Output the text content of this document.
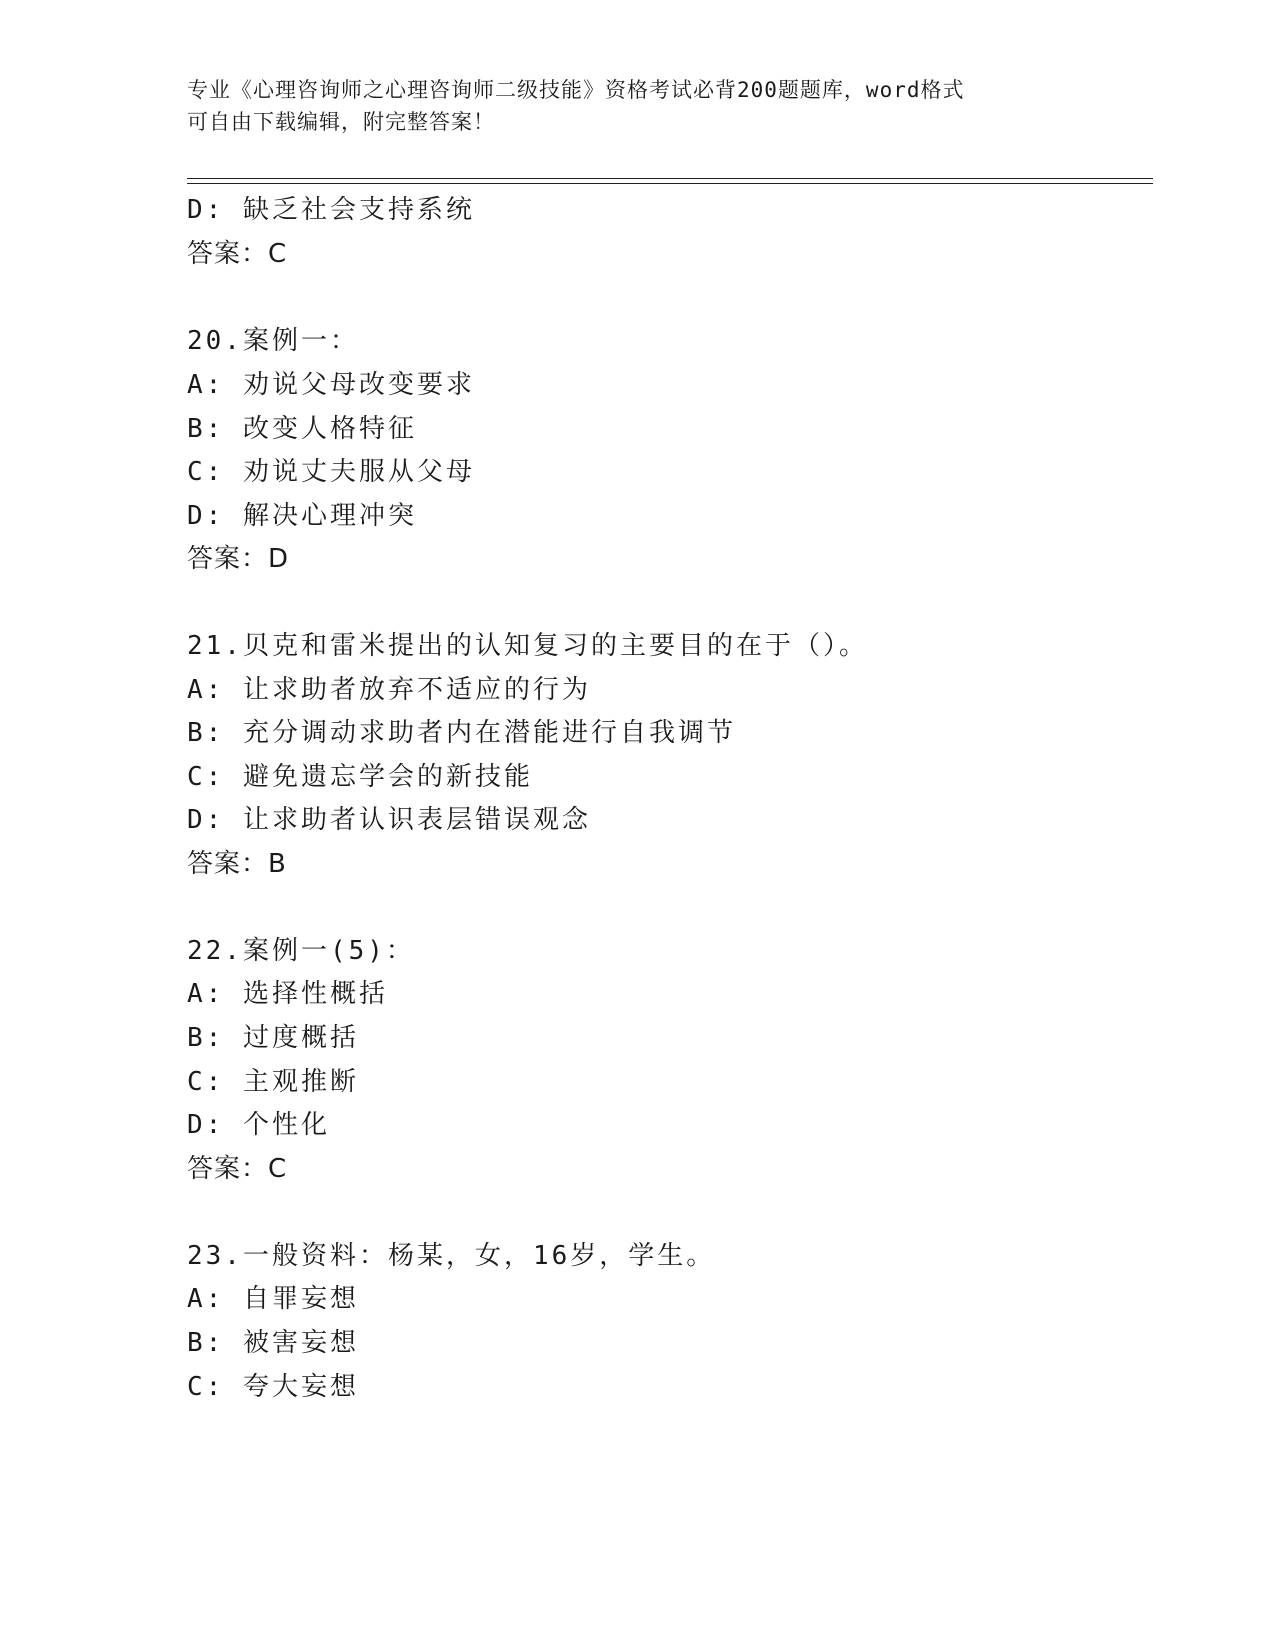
专业《心理咨询师之心理咨询师二级技能》资格考试必背200题题库，word格式
可自由下载编辑，附完整答案！
D: 缺乏社会支持系统
答案：C
20.案例一：
A: 劝说父母改变要求
B: 改变人格特征
C: 劝说丈夫服从父母
D: 解决心理冲突
答案：D
21.贝克和雷米提出的认知复习的主要目的在于（）。
A: 让求助者放弃不适应的行为
B: 充分调动求助者内在潜能进行自我调节
C: 避免遗忘学会的新技能
D: 让求助者认识表层错误观念
答案：B
22.案例一(5)：
A: 选择性概括
B: 过度概括
C: 主观推断
D: 个性化
答案：C
23.一般资料：杨某，女，16岁，学生。
A: 自罪妄想
B: 被害妄想
C: 夸大妄想
